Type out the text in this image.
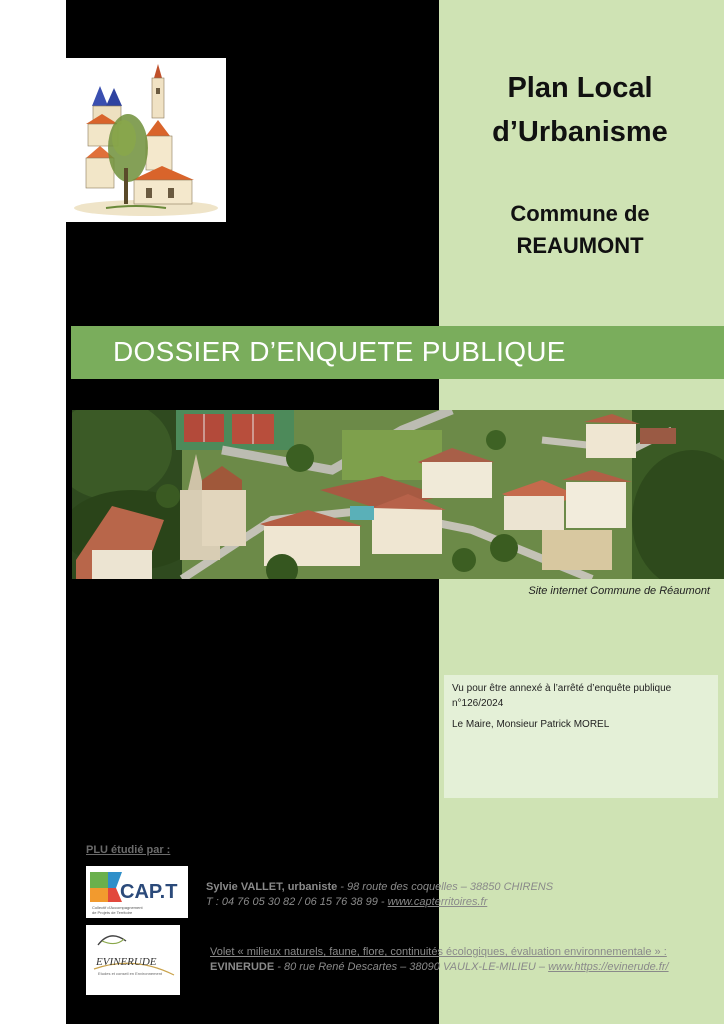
Plan Local
d’Urbanisme
Commune de
REAUMONT
DOSSIER D’ENQUETE PUBLIQUE
Site internet Commune de Réaumont

Vu pour être annexé à l’arrêté d’enquête publique

n°126/2024

Le Maire, Monsieur Patrick MOREL

PLU étudié par :
CAP.T
Collectif d'Accompagnement
de Projets de Territoire
Sylvie VALLET, urbaniste - 98 route des coquelles – 38850 CHIRENS
T : 04 76 05 30 82 / 06 15 76 38 99 - www.capterritoires.fr
EVINERUDE
Etudes et conseil en Environnement
Volet « milieux naturels, faune, flore, continuités écologiques, évaluation environnementale » :
EVINERUDE - 80 rue René Descartes – 38090 VAULX-LE-MILIEU – www.https://evinerude.fr/
